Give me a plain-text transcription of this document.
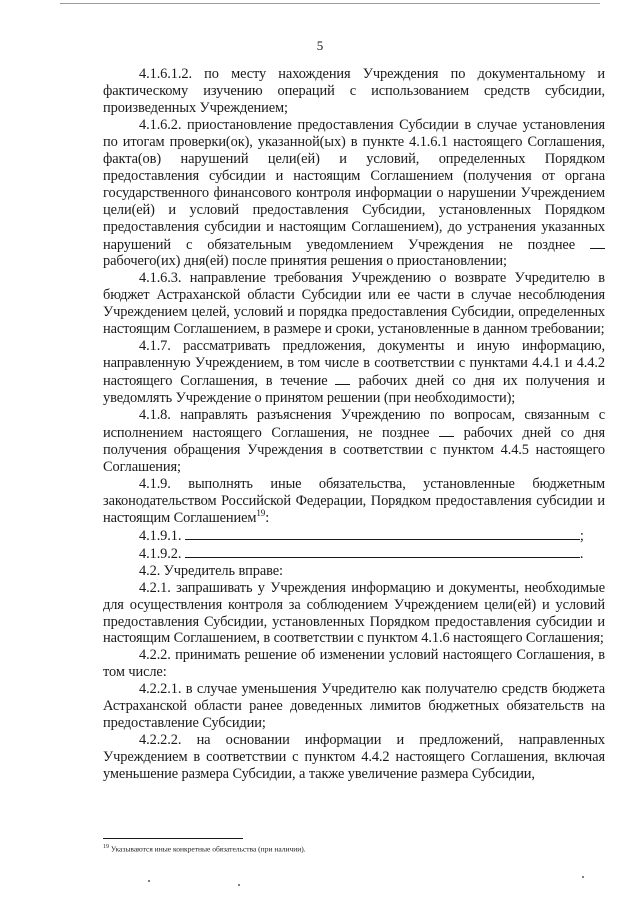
5

4.1.6.1.2. по месту нахождения Учреждения по документальному и фактическому изучению операций с использованием средств субсидии, произведенных Учреждением;

4.1.6.2. приостановление предоставления Субсидии в случае установления по итогам проверки(ок), указанной(ых) в пункте 4.1.6.1 настоящего Соглашения, факта(ов) нарушений цели(ей) и условий, определенных Порядком предоставления субсидии и настоящим Соглашением (получения от органа государственного финансового контроля информации о нарушении Учреждением цели(ей) и условий предоставления Субсидии, установленных Порядком предоставления субсидии и настоящим Соглашением), до устранения указанных нарушений с обязательным уведомлением Учреждения не позднее  рабочего(их) дня(ей) после принятия решения о приостановлении;

4.1.6.3. направление требования Учреждению о возврате Учредителю в бюджет Астраханской области Субсидии или ее части в случае несоблюдения Учреждением целей, условий и порядка предоставления Субсидии, определенных настоящим Соглашением, в размере и сроки, установленные в данном требовании;

4.1.7. рассматривать предложения, документы и иную информацию, направленную Учреждением, в том числе в соответствии с пунктами 4.4.1 и 4.4.2 настоящего Соглашения, в течение  рабочих дней со дня их получения и уведомлять Учреждение о принятом решении (при необходимости);

4.1.8. направлять разъяснения Учреждению по вопросам, связанным с исполнением настоящего Соглашения, не позднее  рабочих дней со дня получения обращения Учреждения в соответствии с пунктом 4.4.5 настоящего Соглашения;

4.1.9. выполнять иные обязательства, установленные бюджетным законодательством Российской Федерации, Порядком предоставления субсидии и настоящим Соглашением$^{19}$:

4.1.9.1.	;

4.1.9.2.	.

4.2. Учредитель вправе:

4.2.1. запрашивать у Учреждения информацию и документы, необходимые для осуществления контроля за соблюдением Учреждением цели(ей) и условий предоставления Субсидии, установленных Порядком предоставления субсидии и настоящим Соглашением, в соответствии с пунктом 4.1.6 настоящего Соглашения;

4.2.2. принимать решение об изменении условий настоящего Соглашения, в том числе:

4.2.2.1. в случае уменьшения Учредителю как получателю средств бюджета Астраханской области ранее доведенных лимитов бюджетных обязательств на предоставление Субсидии;

4.2.2.2. на основании информации и предложений, направленных Учреждением в соответствии с пунктом 4.4.2 настоящего Соглашения, включая уменьшение размера Субсидии, а также увеличение размера Субсидии,

$^{19}$ Указываются иные конкретные обязательства (при наличии).
